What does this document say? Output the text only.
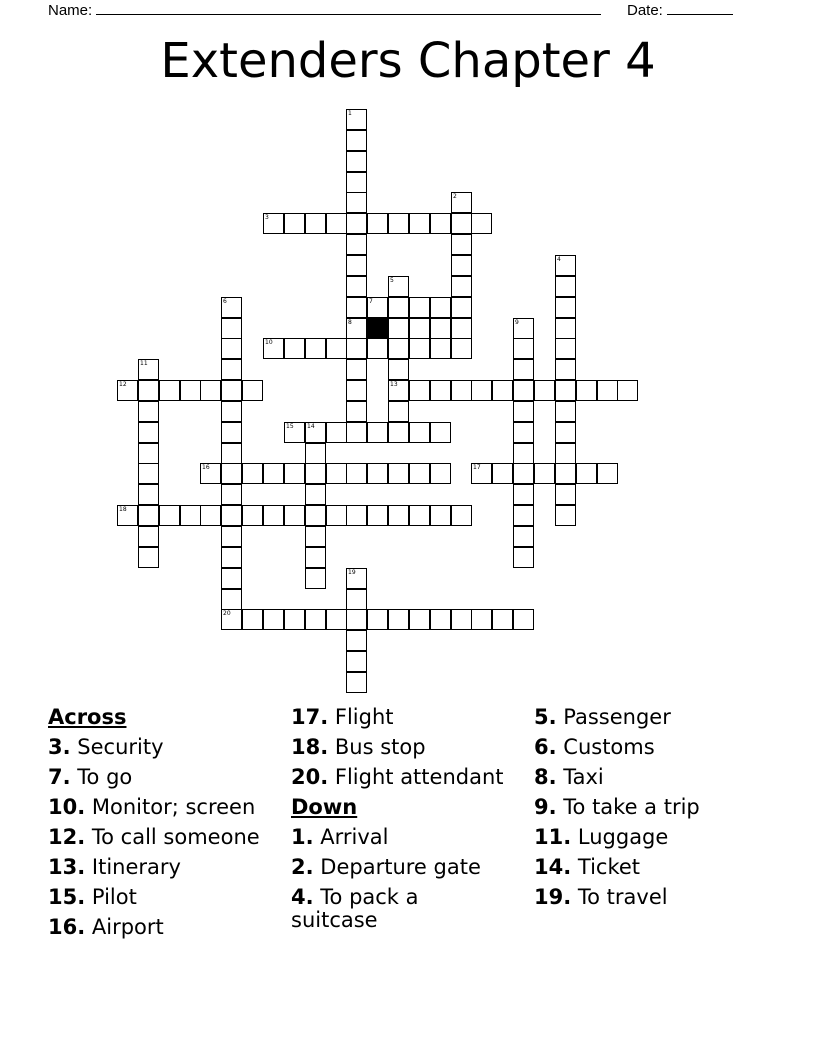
Name:	Date:
Extenders Chapter 4
3
7
8
10
12	13
15 14
16	17
18
20
1
2
4
5
6
9
11
19
Across
3. Security
7. To go
10. Monitor; screen
12. To call someone
13. Itinerary
15. Pilot
16. Airport
17. Flight
18. Bus stop
20. Flight attendant
Down
1. Arrival
2. Departure gate
4. To pack a suitcase
5. Passenger
6. Customs
8. Taxi
9. To take a trip
11. Luggage
14. Ticket
19. To travel
